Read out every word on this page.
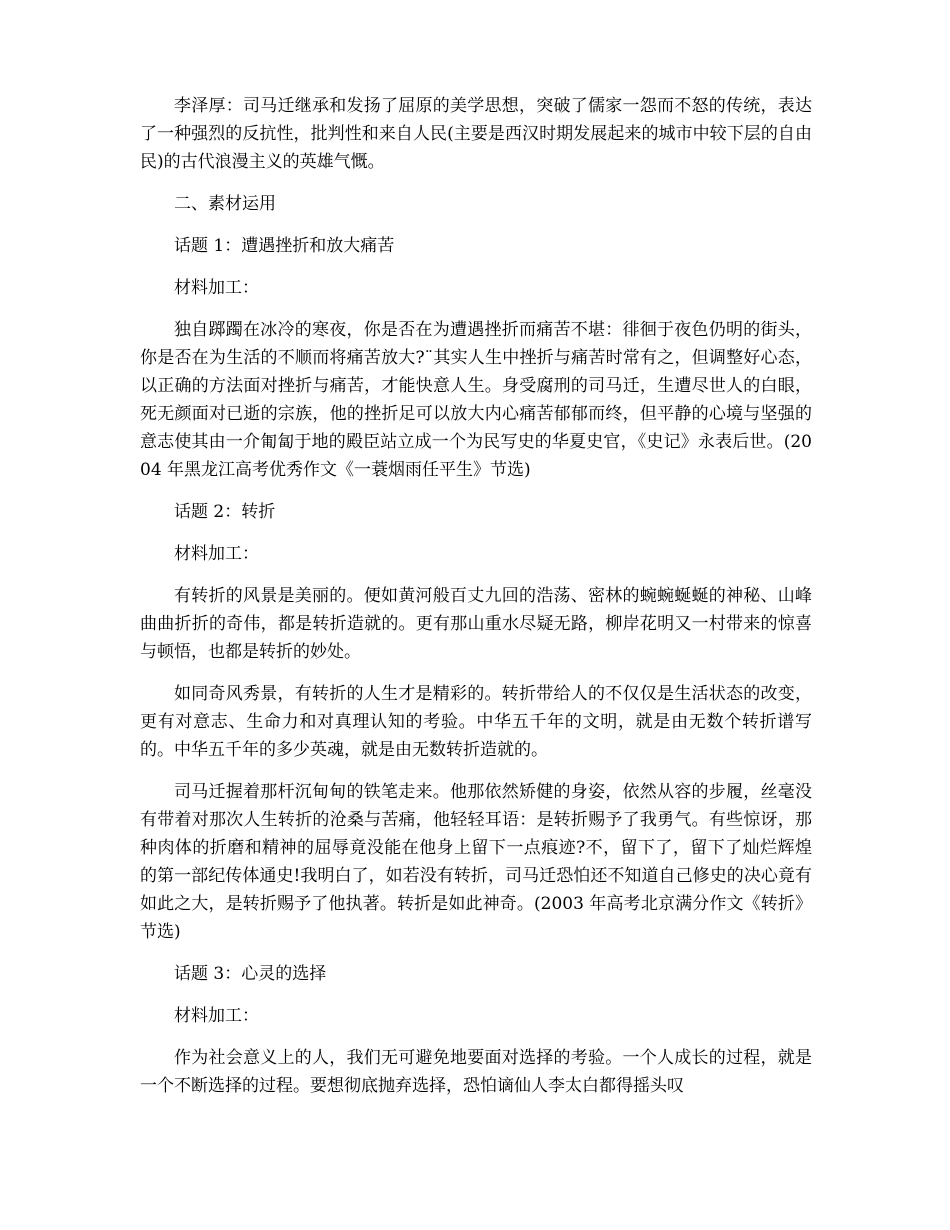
李泽厚：司马迁继承和发扬了屈原的美学思想，突破了儒家一怨而不怒的传统，表达了一种强烈的反抗性，批判性和来自人民(主要是西汉时期发展起来的城市中较下层的自由民)的古代浪漫主义的英雄气慨。

二、素材运用

话题 1：遭遇挫折和放大痛苦

材料加工：

独自踯躅在冰冷的寒夜，你是否在为遭遇挫折而痛苦不堪：徘徊于夜色仍明的街头，你是否在为生活的不顺而将痛苦放大?¨其实人生中挫折与痛苦时常有之，但调整好心态，以正确的方法面对挫折与痛苦，才能快意人生。身受腐刑的司马迁，生遭尽世人的白眼，死无颜面对已逝的宗族，他的挫折足可以放大内心痛苦郁郁而终，但平静的心境与坚强的意志使其由一介匍匐于地的殿臣站立成一个为民写史的华夏史官，《史记》永表后世。(2004 年黑龙江高考优秀作文《一蓑烟雨任平生》节选)

话题 2：转折

材料加工：

有转折的风景是美丽的。便如黄河般百丈九回的浩荡、密林的蜿蜿蜒蜒的神秘、山峰曲曲折折的奇伟，都是转折造就的。更有那山重水尽疑无路，柳岸花明又一村带来的惊喜与顿悟，也都是转折的妙处。

如同奇风秀景，有转折的人生才是精彩的。转折带给人的不仅仅是生活状态的改变，更有对意志、生命力和对真理认知的考验。中华五千年的文明，就是由无数个转折谱写的。中华五千年的多少英魂，就是由无数转折造就的。

司马迁握着那杆沉甸甸的铁笔走来。他那依然矫健的身姿，依然从容的步履，丝毫没有带着对那次人生转折的沧桑与苦痛，他轻轻耳语：是转折赐予了我勇气。有些惊讶，那种肉体的折磨和精神的屈辱竟没能在他身上留下一点痕迹?不，留下了，留下了灿烂辉煌的第一部纪传体通史!我明白了，如若没有转折，司马迁恐怕还不知道自己修史的决心竟有如此之大，是转折赐予了他执著。转折是如此神奇。(2003 年高考北京满分作文《转折》节选)

话题 3：心灵的选择

材料加工：

作为社会意义上的人，我们无可避免地要面对选择的考验。一个人成长的过程，就是一个不断选择的过程。要想彻底抛弃选择，恐怕谪仙人李太白都得摇头叹
